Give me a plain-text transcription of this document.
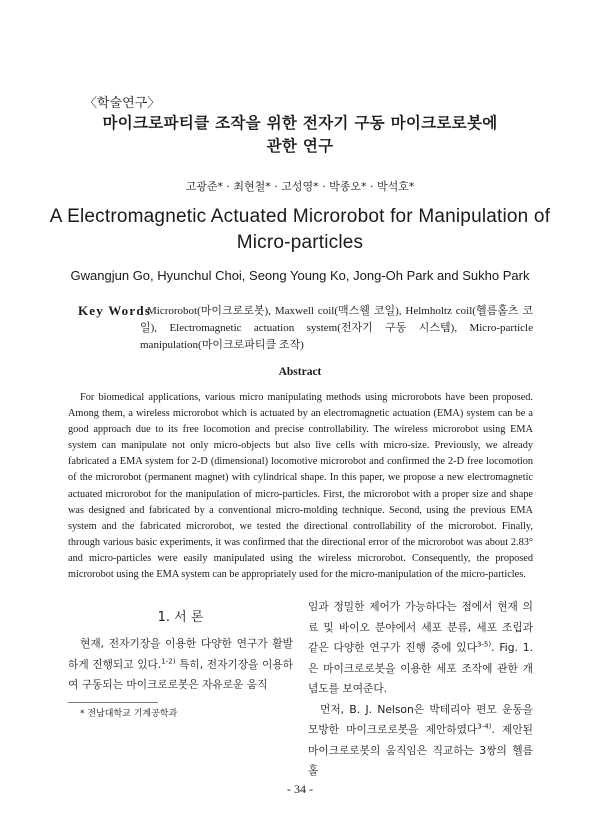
〈학술연구〉
마이크로파티클 조작을 위한 전자기 구동 마이크로로봇에
관한 연구
고광준* · 최현철* · 고성영* · 박종오* · 박석호*
A Electromagnetic Actuated Microrobot for Manipulation of
Micro-particles
Gwangjun Go, Hyunchul Choi, Seong Young Ko, Jong-Oh Park and Sukho Park
Key Words
: Microrobot(마이크로로봇), Maxwell coil(맥스웰 코일), Helmholtz coil(헬름홀츠 코일), Electromagnetic actuation system(전자기 구동 시스템), Micro-particle manipulation(마이크로파티클 조작)
Abstract

For biomedical applications, various micro manipulating methods using microrobots have been proposed. Among them, a wireless microrobot which is actuated by an electromagnetic actuation (EMA) system can be a good approach due to its free locomotion and precise controllability. The wireless microrobot using EMA system can manipulate not only micro-objects but also live cells with micro-size. Previously, we already fabricated a EMA system for 2-D (dimensional) locomotive microrobot and confirmed the 2-D free locomotion of the microrobot (permanent magnet) with cylindrical shape. In this paper, we propose a new electromagnetic actuated microrobot for the manipulation of micro-particles. First, the microrobot with a proper size and shape was designed and fabricated by a conventional micro-molding technique. Second, using the previous EMA system and the fabricated microrobot, we tested the directional controllability of the microrobot. Finally, through various basic experiments, it was confirmed that the directional error of the microrobot was about 2.83° and micro-particles were easily manipulated using the wireless microrobot. Consequently, the proposed microrobot using the EMA system can be appropriately used for the micro-manipulation of the micro-particles.

1. 서 론

현재, 전자기장을 이용한 다양한 연구가 활발하게 진행되고 있다.$^{1-2)}$ 특히, 전자기장을 이용하여 구동되는 마이크로로봇은 자유로운 움직

* 전남대학교 기계공학과

임과 정밀한 제어가 가능하다는 점에서 현재 의료 및 바이오 분야에서 세포 분류, 세포 조립과 같은 다양한 연구가 진행 중에 있다$^{3-5)}$. Fig. 1. 은 마이크로로봇을 이용한 세포 조작에 관한 개념도를 보여준다.

먼저, B. J. Nelson은 박테리아 편모 운동을 모방한 마이크로로봇을 제안하였다$^{3-4)}$. 제안된 마이크로로봇의 움직임은 직교하는 3쌍의 헬름홀

- 34 -
